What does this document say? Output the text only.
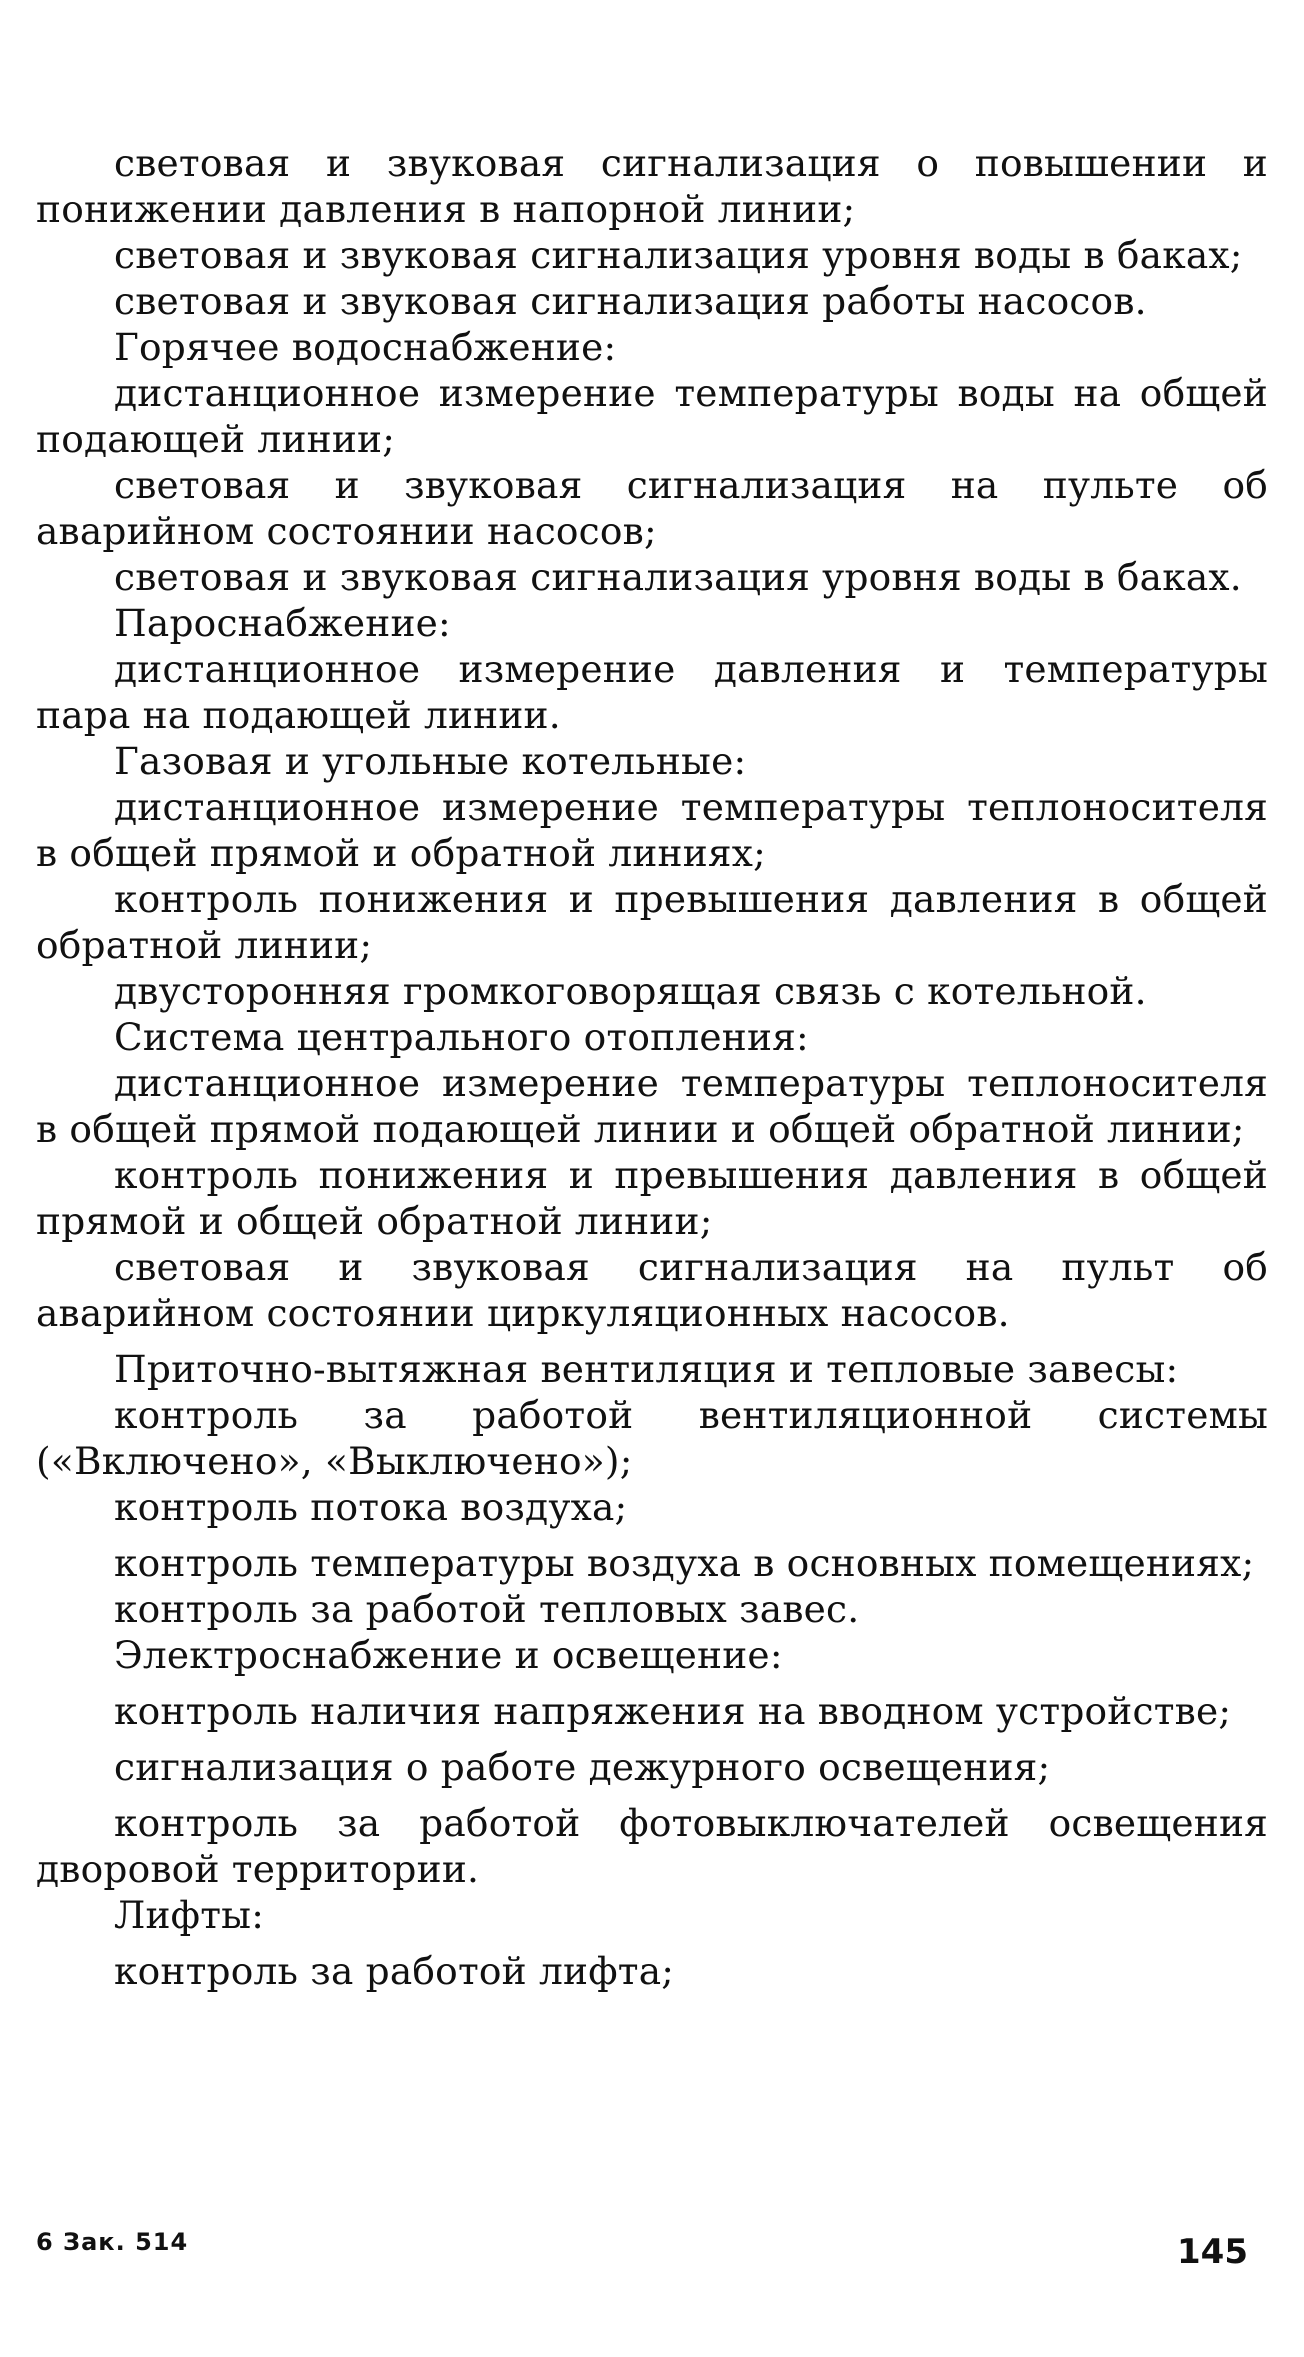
световая и звуковая сигнализация о повышении и понижении давления в напорной линии;

световая и звуковая сигнализация уровня воды в баках;

световая и звуковая сигнализация работы насосов.

Горячее водоснабжение:

дистанционное измерение температуры воды на общей подающей линии;

световая и звуковая сигнализация на пульте об аварийном состоянии насосов;

световая и звуковая сигнализация уровня воды в баках.

Пароснабжение:

дистанционное измерение давления и температуры пара на подающей линии.

Газовая и угольные котельные:

дистанционное измерение температуры теплоносителя в общей прямой и обратной линиях;

контроль понижения и превышения давления в общей обратной линии;

двусторонняя громкоговорящая связь с котельной.

Система центрального отопления:

дистанционное измерение температуры теплоносителя в общей прямой подающей линии и общей обратной линии;

контроль понижения и превышения давления в общей прямой и общей обратной линии;

световая и звуковая сигнализация на пульт об аварийном состоянии циркуляционных насосов.

Приточно-вытяжная вентиляция и тепловые завесы:

контроль за работой вентиляционной системы («Включено», «Выключено»);

контроль потока воздуха;

контроль температуры воздуха в основных помещениях;

контроль за работой тепловых завес.

Электроснабжение и освещение:

контроль наличия напряжения на вводном устройстве;

сигнализация о работе дежурного освещения;

контроль за работой фотовыключателей освещения дворовой территории.

Лифты:

контроль за работой лифта;

6 Зак. 514	145
